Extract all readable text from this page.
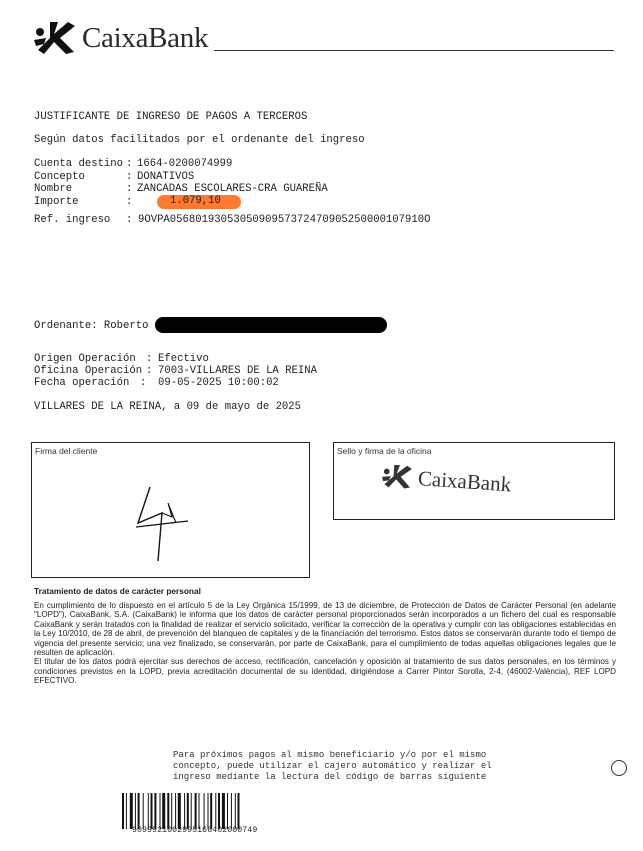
CaixaBank
JUSTIFICANTE DE INGRESO DE PAGOS A TERCEROS
Según datos facilitados por el ordenante del ingreso
Cuenta destino : 1664-0200074999
Concepto	: DONATIVOS
Nombre	: ZANCADAS ESCOLARES-CRA GUAREÑA
Importe	:	1.079,10
Ref. ingreso : 9OVPA0568019305305090957372470905250000107910O
Ordenante: Roberto
Origen Operación : Efectivo
Oficina Operación : 7003-VILLARES DE LA REINA
Fecha operación : 09-05-2025 10:00:02
VILLARES DE LA REINA, a 09 de mayo de 2025
Firma del cliente	Sello y firma de la oficina
CaixaBank
Tratamiento de datos de carácter personal

En cumplimiento de lo dispuesto en el artículo 5 de la Ley Orgánica 15/1999, de 13 de diciembre, de Protección de Datos de Carácter Personal (en adelante "LOPD"), CaixaBank, S.A. (CaixaBank) le informa que los datos de carácter personal proporcionados serán incorporados a un fichero del cual es responsable CaixaBank y serán tratados con la finalidad de realizar el servicio solicitado, verificar la corrección de la operativa y cumplir con las obligaciones establecidas en la Ley 10/2010, de 28 de abril, de prevención del blanqueo de capitales y de la financiación del terrorismo. Estos datos se conservarán durante todo el tiempo de vigencia del presente servicio; una vez finalizado, se conservarán, por parte de CaixaBank, para el cumplimiento de todas aquellas obligaciones legales que le resulten de aplicación.

El titular de los datos podrá ejercitar sus derechos de acceso, rectificación, cancelación y oposición al tratamiento de sus datos personales, en los términos y condiciones previstos en la LOPD, previa acreditación documental de su identidad, dirigiéndose a Carrer Pintor Sorolla, 2-4, (46002-València), REF LOPD EFECTIVO.

Para próximos pagos al mismo beneficiario y/o por el mismo
concepto, puede utilizar el cajero automático y realizar el
ingreso mediante la lectura del código de barras siguiente
9099921002995166402000749
